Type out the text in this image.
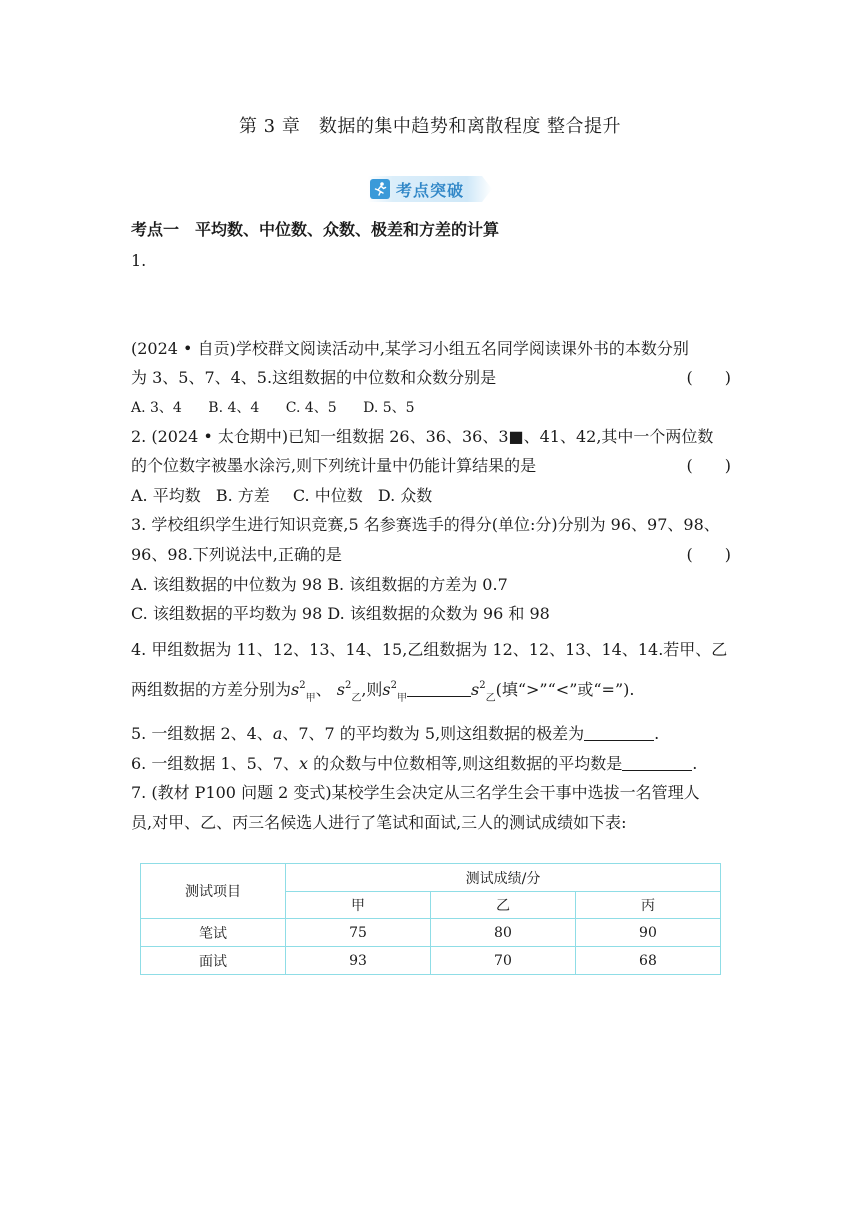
第 3 章　数据的集中趋势和离散程度 整合提升
考点突破
考点一　平均数、中位数、众数、极差和方差的计算
1.
(2024 • 自贡)学校群文阅读活动中,某学习小组五名同学阅读课外书的本数分别
为 3、5、7、4、5.这组数据的中位数和众数分别是	(　　)
A. 3、4 B. 4、4 C. 4、5 D. 5、5
2. (2024 • 太仓期中)已知一组数据 26、36、36、3■、41、42,其中一个两位数
的个位数字被墨水涂污,则下列统计量中仍能计算结果的是	(　　)
A. 平均数 B. 方差 C. 中位数 D. 众数
3. 学校组织学生进行知识竞赛,5 名参赛选手的得分(单位:分)分别为 96、97、98、
96、98.下列说法中,正确的是	(　　)
A. 该组数据的中位数为 98 B. 该组数据的方差为 0.7
C. 该组数据的平均数为 98 D. 该组数据的众数为 96 和 98
4. 甲组数据为 11、12、13、14、15,乙组数据为 12、12、13、14、14.若甲、乙
两组数据的方差分别为$s^2_甲$、 $s^2_乙$,则$s^2_甲$	$s^2_乙$(填“>”“<”或“=”).
5. 一组数据 2、4、a、7、7 的平均数为 5,则这组数据的极差为	.
6. 一组数据 1、5、7、x 的众数与中位数相等,则这组数据的平均数是	.
7. (教材 P100 问题 2 变式)某校学生会决定从三名学生会干事中选拔一名管理人
员,对甲、乙、丙三名候选人进行了笔试和面试,三人的测试成绩如下表:
测试项目	测试成绩/分		
	甲	乙	丙
笔试	75	80	90
面试	93	70	68
